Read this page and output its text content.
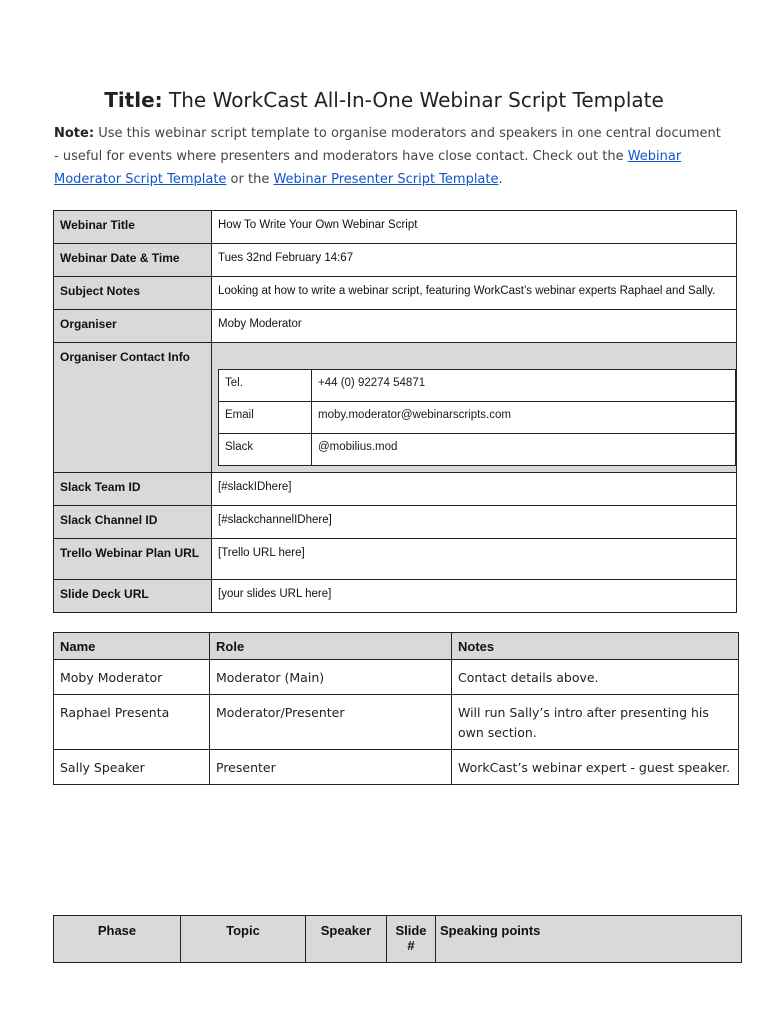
Title: The WorkCast All-In-One Webinar Script Template
Note: Use this webinar script template to organise moderators and speakers in one central document - useful for events where presenters and moderators have close contact. Check out the Webinar Moderator Script Template or the Webinar Presenter Script Template.
Webinar Title	How To Write Your Own Webinar Script
Webinar Date & Time	Tues 32nd February 14:67
Subject Notes	Looking at how to write a webinar script, featuring WorkCast’s webinar experts Raphael and Sally.
Organiser	Moby Moderator
Organiser Contact Info	
Tel.	+44 (0) 92274 54871
Email	moby.moderator@webinarscripts.com
Slack	@mobilius.mod

Slack Team ID	[#slackIDhere]
Slack Channel ID	[#slackchannelIDhere]
Trello Webinar Plan URL	[Trello URL here]
Slide Deck URL	[your slides URL here]
Name	Role	Notes
Moby Moderator	Moderator (Main)	Contact details above.
Raphael Presenta	Moderator/Presenter	Will run Sally’s intro after presenting his own section.
Sally Speaker	Presenter	WorkCast’s webinar expert - guest speaker.
Phase	Topic	Speaker	Slide #	Speaking points
